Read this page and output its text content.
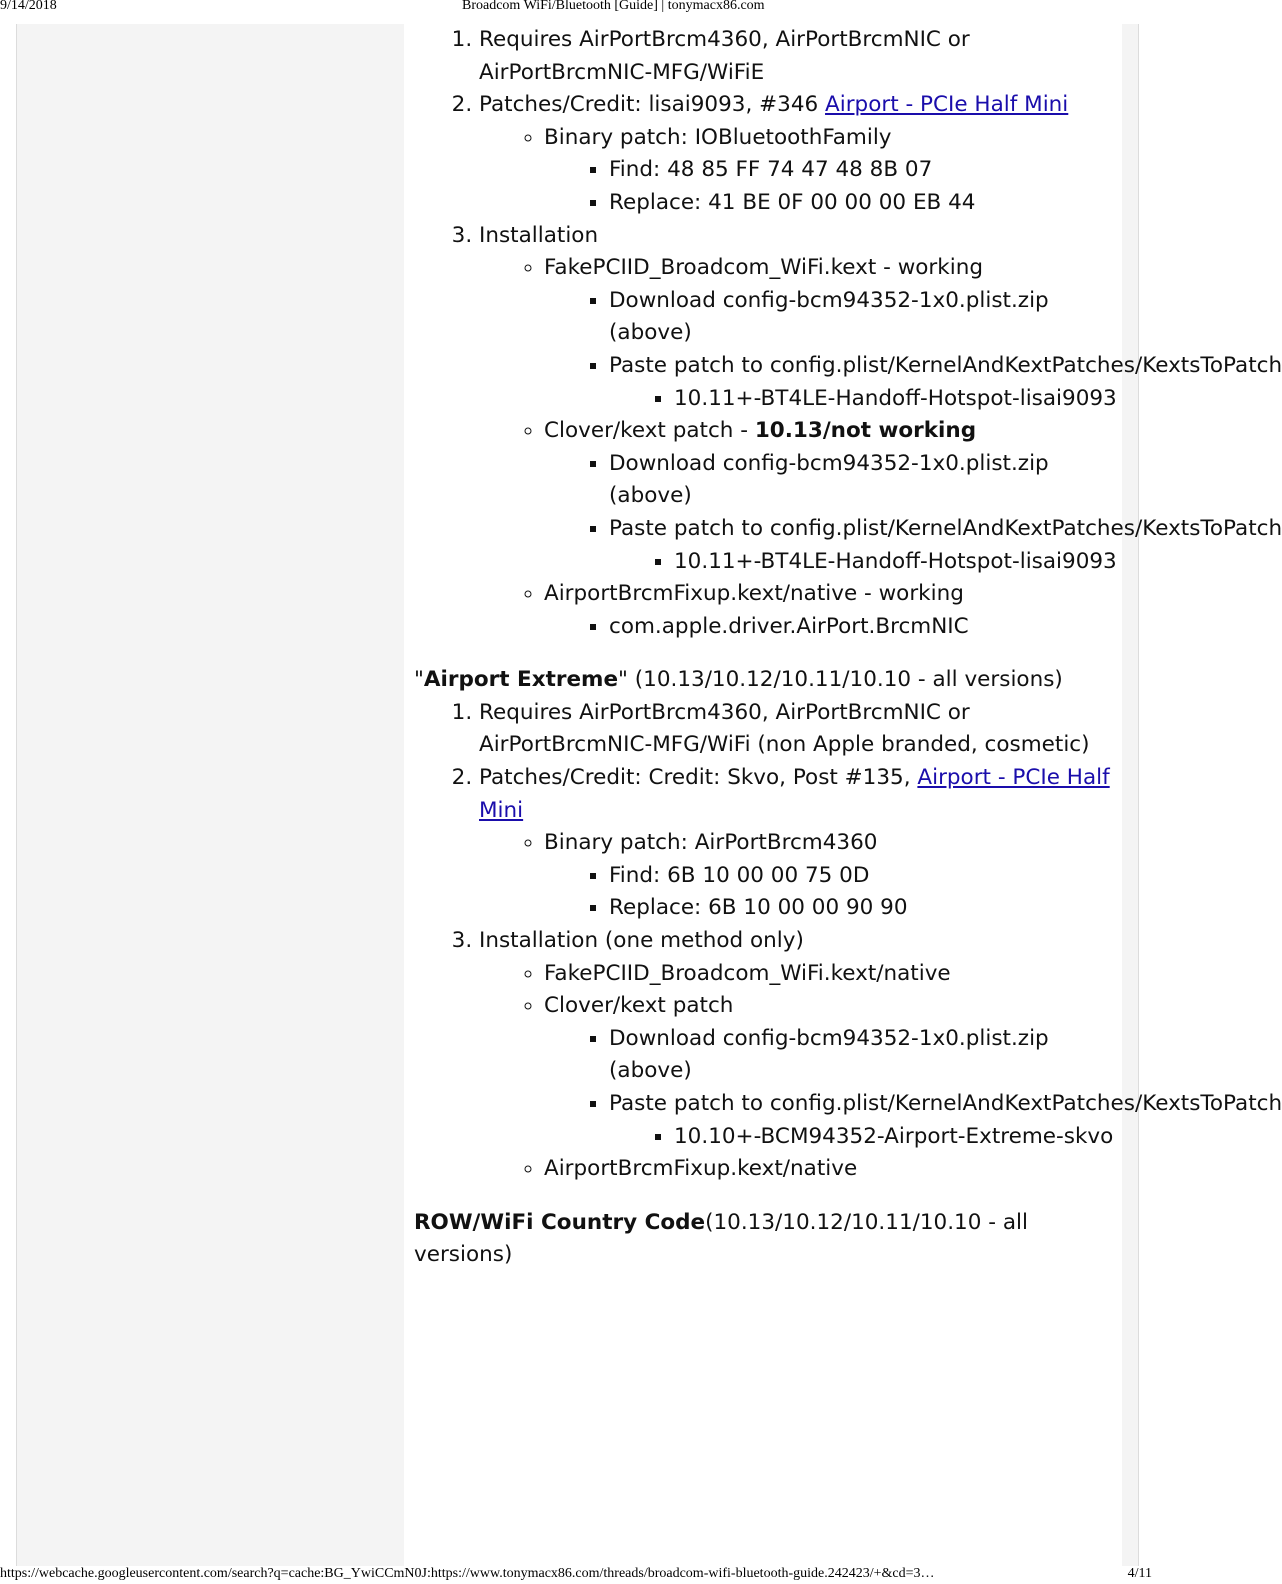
9/14/2018	Broadcom WiFi/Bluetooth [Guide] | tonymacx86.com
1. Requires AirPortBrcm4360, AirPortBrcmNIC or AirPortBrcmNIC-MFG/WiFiE
2. Patches/Credit: lisai9093, #346 Airport - PCIe Half Mini
◦ Binary patch: IOBluetoothFamily
▪ Find: 48 85 FF 74 47 48 8B 07
▪ Replace: 41 BE 0F 00 00 00 EB 44
3. Installation
◦ FakePCIID_Broadcom_WiFi.kext - working
▪ Download config-bcm94352-1x0.plist.zip (above)
▪ Paste patch to config.plist/KernelAndKextPatches/KextsToPatch
▪ 10.11+-BT4LE-Handoff-Hotspot-lisai9093
◦ Clover/kext patch - 10.13/not working
▪ Download config-bcm94352-1x0.plist.zip (above)
▪ Paste patch to config.plist/KernelAndKextPatches/KextsToPatch
▪ 10.11+-BT4LE-Handoff-Hotspot-lisai9093
◦ AirportBrcmFixup.kext/native - working
▪ com.apple.driver.AirPort.BrcmNIC

"Airport Extreme" (10.13/10.12/10.11/10.10 - all versions)

1. Requires AirPortBrcm4360, AirPortBrcmNIC or AirPortBrcmNIC-MFG/WiFi (non Apple branded, cosmetic)
2. Patches/Credit: Credit: Skvo, Post #135, Airport - PCIe Half Mini
◦ Binary patch: AirPortBrcm4360
▪ Find: 6B 10 00 00 75 0D
▪ Replace: 6B 10 00 00 90 90
3. Installation (one method only)
◦ FakePCIID_Broadcom_WiFi.kext/native
◦ Clover/kext patch
▪ Download config-bcm94352-1x0.plist.zip (above)
▪ Paste patch to config.plist/KernelAndKextPatches/KextsToPatch
▪ 10.10+-BCM94352-Airport-Extreme-skvo
◦ AirportBrcmFixup.kext/native

ROW/WiFi Country Code(10.13/10.12/10.11/10.10 - all versions)

https://webcache.googleusercontent.com/search?q=cache:BG_YwiCCmN0J:https://www.tonymacx86.com/threads/broadcom-wifi-bluetooth-guide.242423/+&cd=3…	4/11
